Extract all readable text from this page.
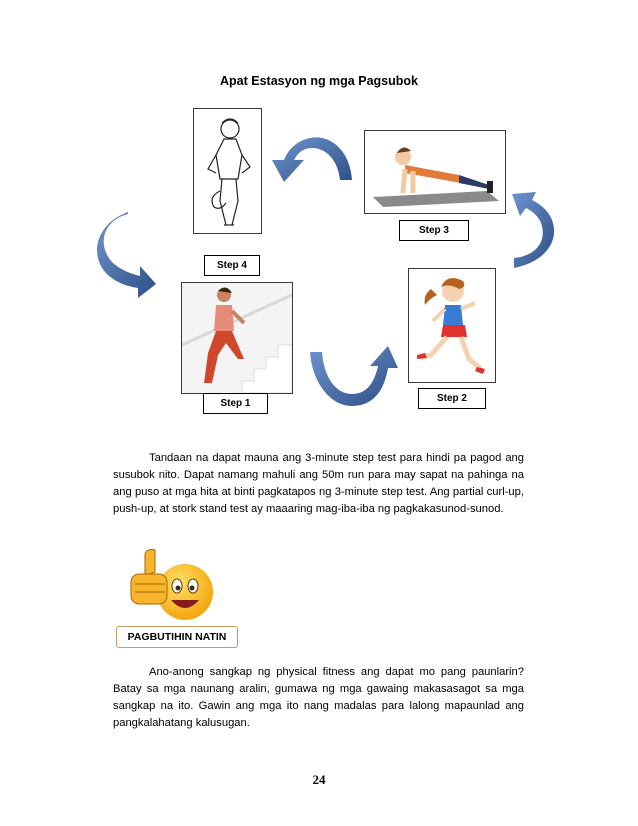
Apat Estasyon ng mga Pagsubok
Step 4
Step 3
Step 1	Step 2

Tandaan na dapat mauna ang 3-minute step test para hindi pa pagod ang susubok nito. Dapat namang mahuli ang 50m run para may sapat na pahinga na ang puso at mga hita at binti pagkatapos ng 3-minute step test. Ang partial curl-up, push-up, at stork stand test ay maaaring mag-iba-iba ng pagkakasunod-sunod.

PAGBUTIHIN NATIN

Ano-anong sangkap ng physical fitness ang dapat mo pang paunlarin? Batay sa mga naunang aralin, gumawa ng mga gawaing makasasagot sa mga sangkap na ito. Gawin ang mga ito nang madalas para lalong mapaunlad ang pangkalahatang kalusugan.

24
